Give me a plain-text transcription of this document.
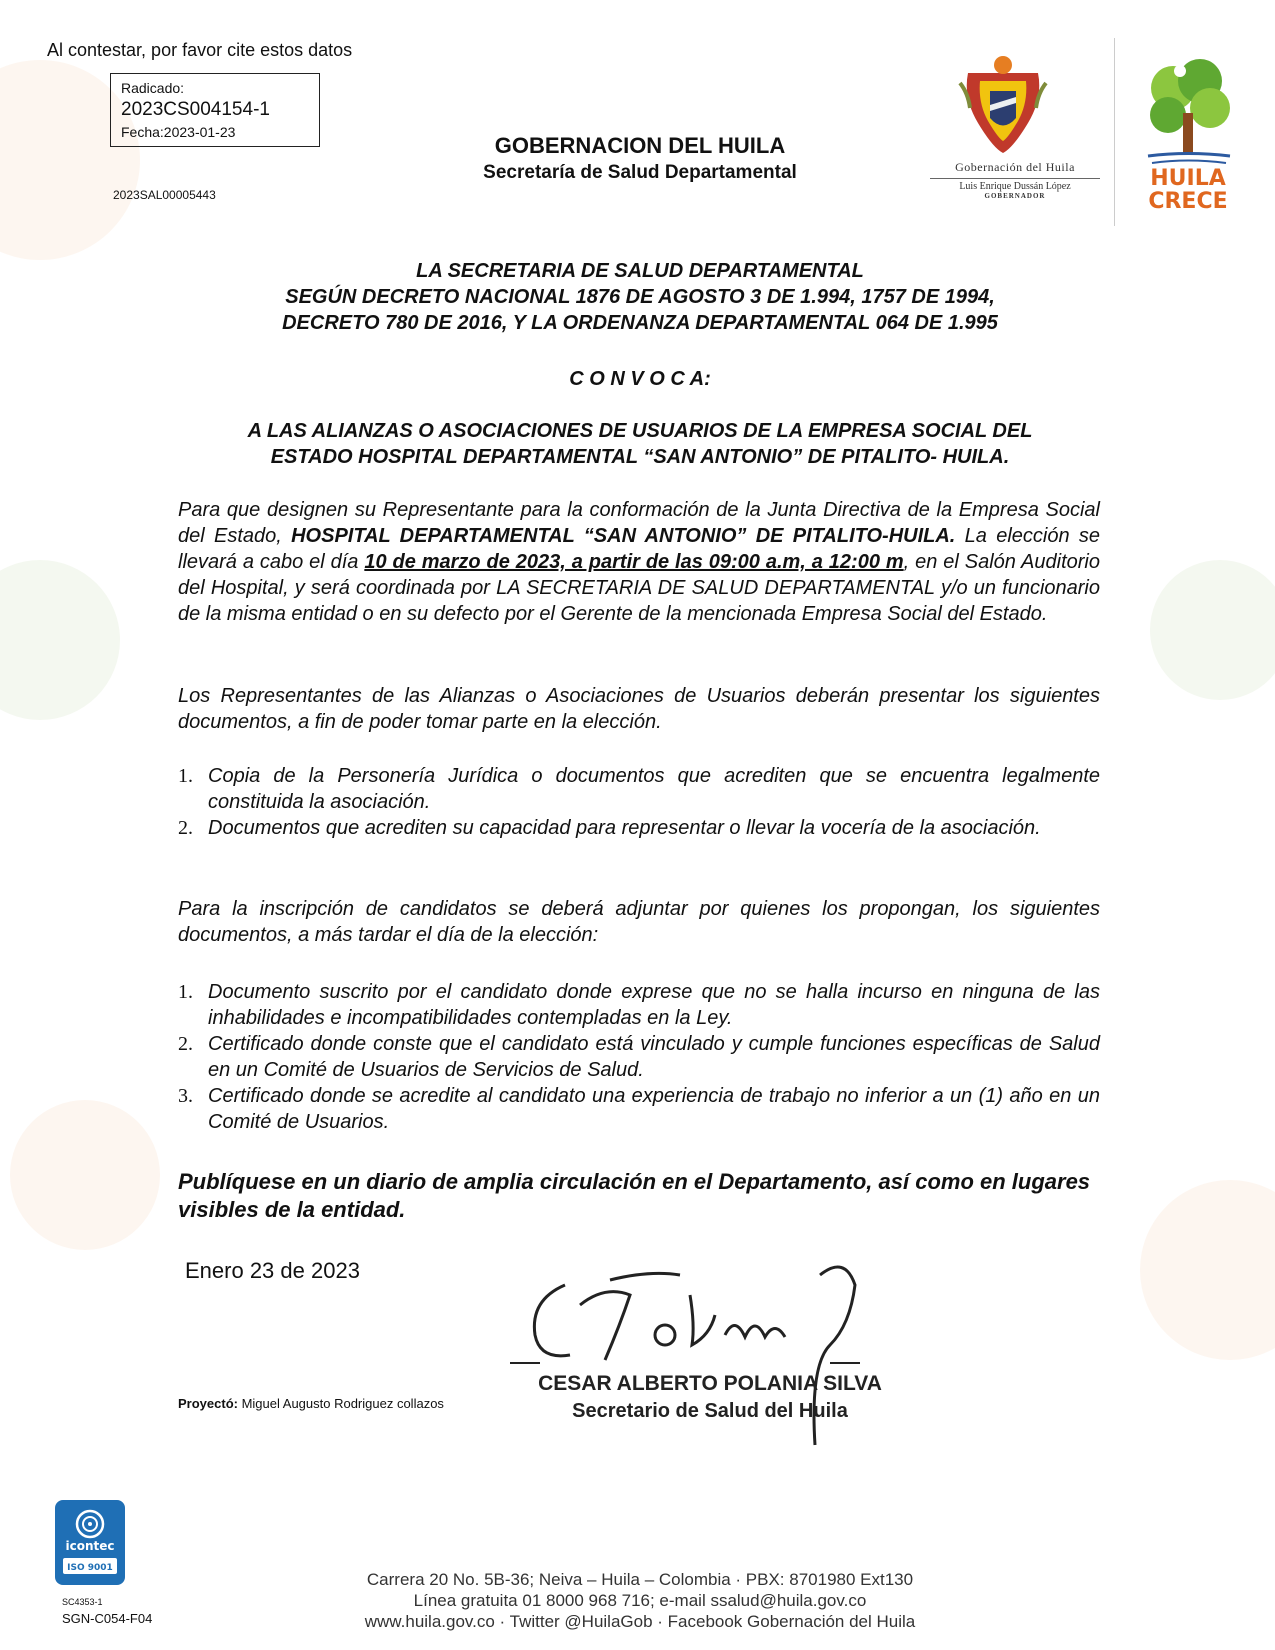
Al contestar, por favor cite estos datos
Radicado:
2023CS004154-1
Fecha:2023-01-23
2023SAL00005443
GOBERNACION DEL HUILA
Secretaría de Salud Departamental	Gobernación del Huila
Luis Enrique Dussán López
GOBERNADOR
HUILA
CRECE
LA SECRETARIA DE SALUD DEPARTAMENTAL
SEGÚN DECRETO NACIONAL 1876 DE AGOSTO 3 DE 1.994, 1757 DE 1994,
DECRETO 780 DE 2016, Y LA ORDENANZA DEPARTAMENTAL 064 DE 1.995
C O N V O C A:
A LAS ALIANZAS O ASOCIACIONES DE USUARIOS DE LA EMPRESA SOCIAL DEL
ESTADO HOSPITAL DEPARTAMENTAL “SAN ANTONIO” DE PITALITO- HUILA.
Para que designen su Representante para la conformación de la Junta Directiva de la Empresa Social del Estado, HOSPITAL DEPARTAMENTAL “SAN ANTONIO” DE PITALITO-HUILA. La elección se llevará a cabo el día 10 de marzo de 2023, a partir de las 09:00 a.m, a 12:00 m, en el Salón Auditorio del Hospital, y será coordinada por LA SECRETARIA DE SALUD DEPARTAMENTAL y/o un funcionario de la misma entidad o en su defecto por el Gerente de la mencionada Empresa Social del Estado.
Los Representantes de las Alianzas o Asociaciones de Usuarios deberán presentar los siguientes documentos, a fin de poder tomar parte en la elección.
1. Copia de la Personería Jurídica o documentos que acrediten que se encuentra legalmente constituida la asociación.
2. Documentos que acrediten su capacidad para representar o llevar la vocería de la asociación.
Para la inscripción de candidatos se deberá adjuntar por quienes los propongan, los siguientes documentos, a más tardar el día de la elección:
1. Documento suscrito por el candidato donde exprese que no se halla incurso en ninguna de las inhabilidades e incompatibilidades contempladas en la Ley.
2. Certificado donde conste que el candidato está vinculado y cumple funciones específicas de Salud en un Comité de Usuarios de Servicios de Salud.
3. Certificado donde se acredite al candidato una experiencia de trabajo no inferior a un (1) año en un Comité de Usuarios.
Publíquese en un diario de amplia circulación en el Departamento, así como en lugares visibles de la entidad.
Enero 23 de 2023
CESAR ALBERTO POLANIA SILVA
Secretario de Salud del Huila
Proyectó: Miguel Augusto Rodriguez collazos
icontec
ISO 9001
SC4353-1
SGN-C054-F04
Carrera 20 No. 5B-36; Neiva – Huila – Colombia · PBX: 8701980 Ext130
Línea gratuita 01 8000 968 716; e-mail ssalud@huila.gov.co
www.huila.gov.co · Twitter @HuilaGob · Facebook Gobernación del Huila
